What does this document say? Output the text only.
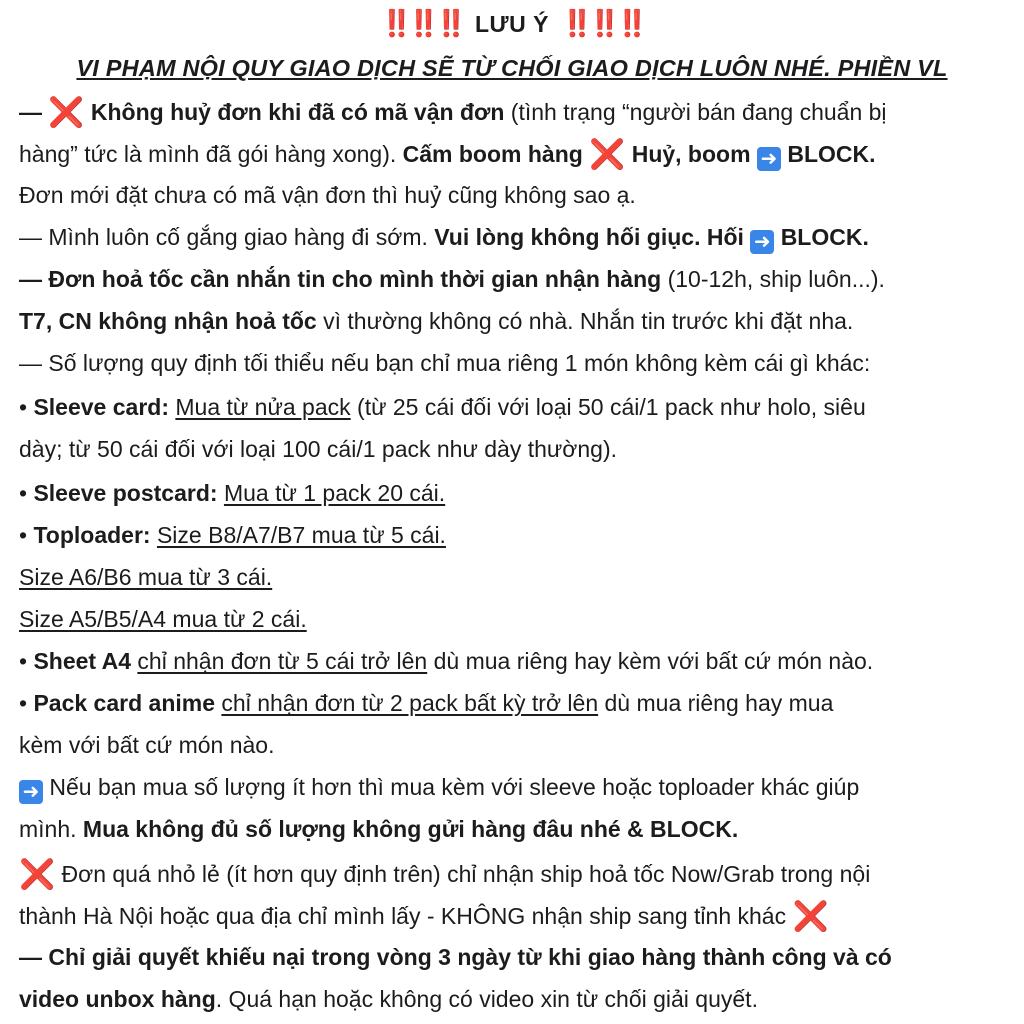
‼️‼️‼️ LƯU Ý ‼️‼️‼️
VI PHẠM NỘI QUY GIAO DỊCH SẼ TỪ CHỐI GIAO DỊCH LUÔN NHÉ. PHIỀN VL
— ❌ Không huỷ đơn khi đã có mã vận đơn (tình trạng “người bán đang chuẩn bị
hàng” tức là mình đã gói hàng xong). Cấm boom hàng ❌ Huỷ, boom ➜ BLOCK.
Đơn mới đặt chưa có mã vận đơn thì huỷ cũng không sao ạ.
— Mình luôn cố gắng giao hàng đi sớm. Vui lòng không hối giục. Hối ➜ BLOCK.
— Đơn hoả tốc cần nhắn tin cho mình thời gian nhận hàng (10-12h, ship luôn...).
T7, CN không nhận hoả tốc vì thường không có nhà. Nhắn tin trước khi đặt nha.
— Số lượng quy định tối thiểu nếu bạn chỉ mua riêng 1 món không kèm cái gì khác:
• Sleeve card: Mua từ nửa pack (từ 25 cái đối với loại 50 cái/1 pack như holo, siêu
dày; từ 50 cái đối với loại 100 cái/1 pack như dày thường).
• Sleeve postcard: Mua từ 1 pack 20 cái.
• Toploader: Size B8/A7/B7 mua từ 5 cái.
Size A6/B6 mua từ 3 cái.
Size A5/B5/A4 mua từ 2 cái.
• Sheet A4 chỉ nhận đơn từ 5 cái trở lên dù mua riêng hay kèm với bất cứ món nào.
• Pack card anime chỉ nhận đơn từ 2 pack bất kỳ trở lên dù mua riêng hay mua
kèm với bất cứ món nào.
➜ Nếu bạn mua số lượng ít hơn thì mua kèm với sleeve hoặc toploader khác giúp
mình. Mua không đủ số lượng không gửi hàng đâu nhé & BLOCK.
❌ Đơn quá nhỏ lẻ (ít hơn quy định trên) chỉ nhận ship hoả tốc Now/Grab trong nội
thành Hà Nội hoặc qua địa chỉ mình lấy - KHÔNG nhận ship sang tỉnh khác ❌
— Chỉ giải quyết khiếu nại trong vòng 3 ngày từ khi giao hàng thành công và có
video unbox hàng. Quá hạn hoặc không có video xin từ chối giải quyết.
